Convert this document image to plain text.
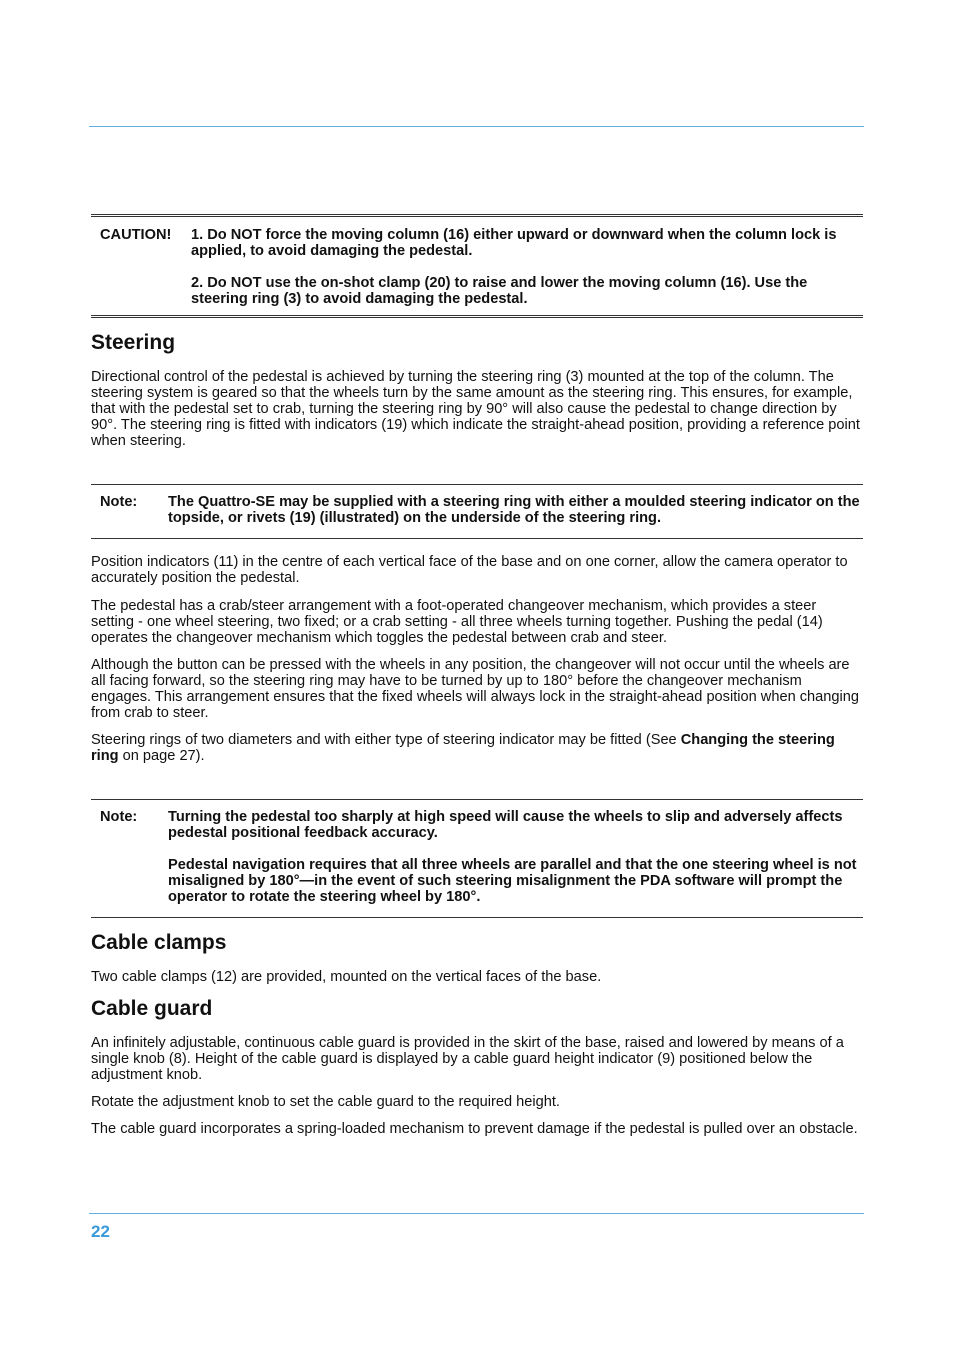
CAUTION!	1. Do NOT force the moving column (16) either upward or downward when the column lock is applied, to avoid damaging the pedestal.

2. Do NOT use the on-shot clamp (20) to raise and lower the moving column (16). Use the steering ring (3) to avoid damaging the pedestal.

Steering

Directional control of the pedestal is achieved by turning the steering ring (3) mounted at the top of the column. The steering system is geared so that the wheels turn by the same amount as the steering ring. This ensures, for example, that with the pedestal set to crab, turning the steering ring by 90° will also cause the pedestal to change direction by 90°. The steering ring is fitted with indicators (19) which indicate the straight-ahead position, providing a reference point when steering.

Note:	The Quattro-SE may be supplied with a steering ring with either a moulded steering indicator on the topside, or rivets (19) (illustrated) on the underside of the steering ring.

Position indicators (11) in the centre of each vertical face of the base and on one corner, allow the camera operator to accurately position the pedestal.

The pedestal has a crab/steer arrangement with a foot-operated changeover mechanism, which provides a steer setting - one wheel steering, two fixed; or a crab setting - all three wheels turning together. Pushing the pedal (14) operates the changeover mechanism which toggles the pedestal between crab and steer.

Although the button can be pressed with the wheels in any position, the changeover will not occur until the wheels are all facing forward, so the steering ring may have to be turned by up to 180° before the changeover mechanism engages. This arrangement ensures that the fixed wheels will always lock in the straight-ahead position when changing from crab to steer.

Steering rings of two diameters and with either type of steering indicator may be fitted (See Changing the steering ring on page 27).

Note:	Turning the pedestal too sharply at high speed will cause the wheels to slip and adversely affects pedestal positional feedback accuracy.

Pedestal navigation requires that all three wheels are parallel and that the one steering wheel is not misaligned by 180°—in the event of such steering misalignment the PDA software will prompt the operator to rotate the steering wheel by 180°.

Cable clamps

Two cable clamps (12) are provided, mounted on the vertical faces of the base.

Cable guard

An infinitely adjustable, continuous cable guard is provided in the skirt of the base, raised and lowered by means of a single knob (8). Height of the cable guard is displayed by a cable guard height indicator (9) positioned below the adjustment knob.

Rotate the adjustment knob to set the cable guard to the required height.

The cable guard incorporates a spring-loaded mechanism to prevent damage if the pedestal is pulled over an obstacle.

22
